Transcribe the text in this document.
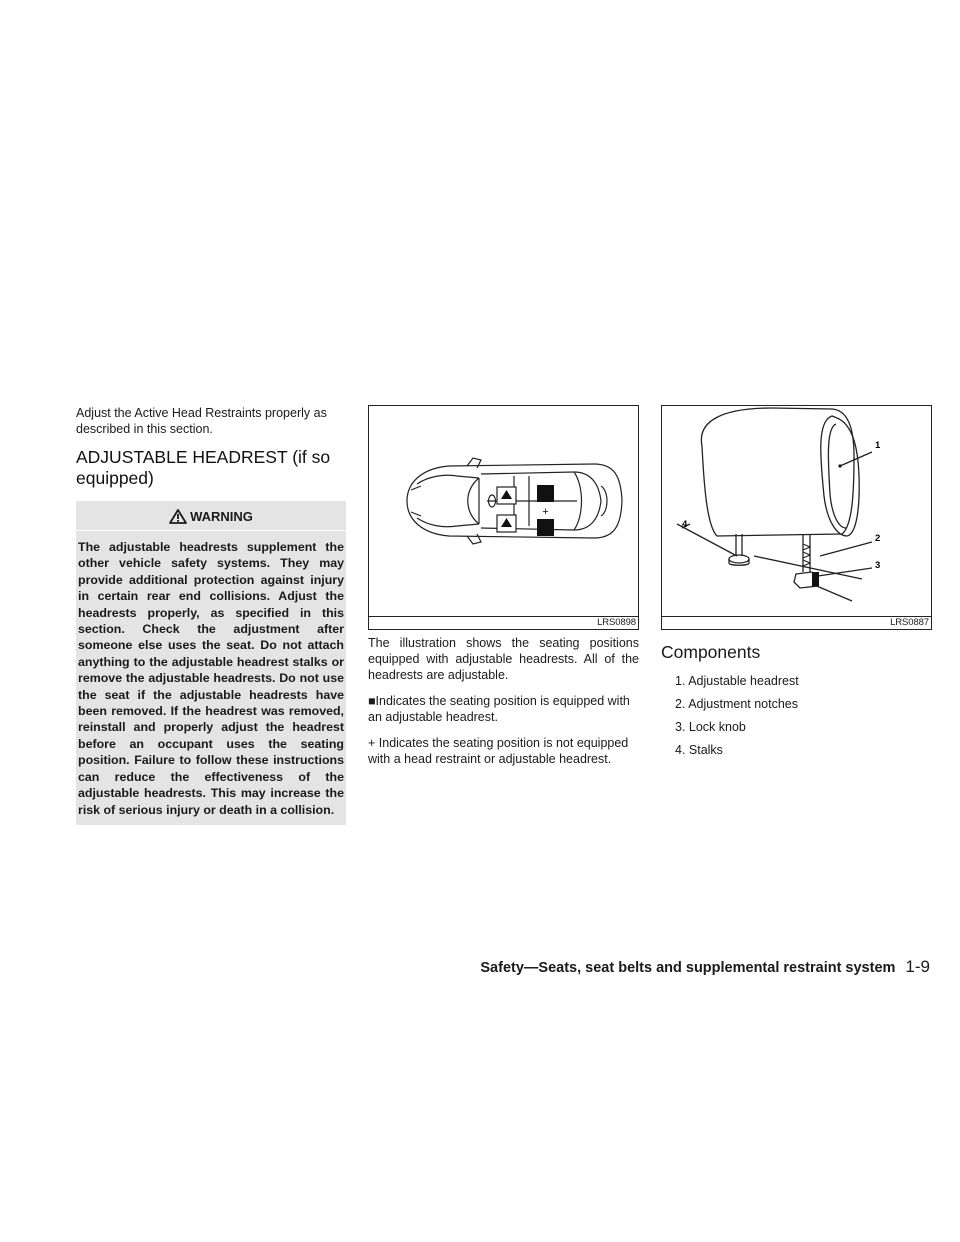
Adjust the Active Head Restraints properly as described in this section.

ADJUSTABLE HEADREST (if so equipped)
WARNING

The adjustable headrests supplement the other vehicle safety systems. They may provide additional protection against injury in certain rear end collisions. Adjust the headrests properly, as specified in this section. Check the adjustment after someone else uses the seat. Do not attach anything to the adjustable headrest stalks or remove the adjustable headrests. Do not use the seat if the adjustable headrests have been removed. If the headrest was removed, reinstall and properly adjust the headrest before an occupant uses the seating position. Failure to follow these instructions can reduce the effectiveness of the adjustable headrests. This may increase the risk of serious injury or death in a collision.

+
LRS0898

The illustration shows the seating positions equipped with adjustable headrests. All of the headrests are adjustable.

■Indicates the seating position is equipped with an adjustable headrest.

+ Indicates the seating position is not equipped with a head restraint or adjustable headrest.

1
2
3
4
LRS0887
Components
1. Adjustable headrest
2. Adjustment notches
3. Lock knob
4. Stalks
Safety—Seats, seat belts and supplemental restraint system 1-9
